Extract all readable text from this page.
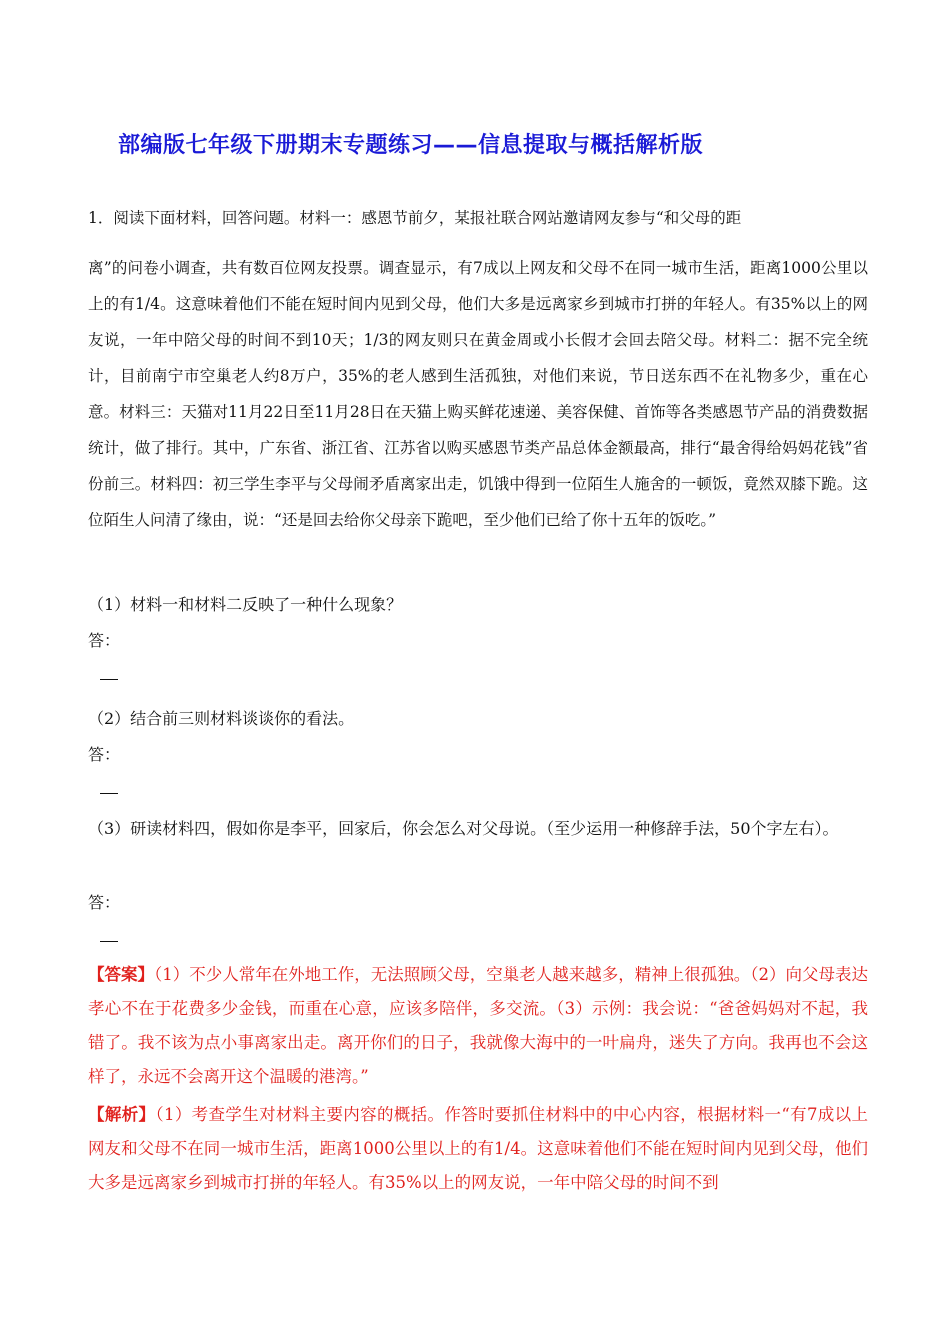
部编版七年级下册期末专题练习——信息提取与概括解析版
1．阅读下面材料，回答问题。材料一：感恩节前夕，某报社联合网站邀请网友参与“和父母的距
离”的问卷小调查，共有数百位网友投票。调查显示，有7成以上网友和父母不在同一城市生活，距离1000公里以上的有1/4。这意味着他们不能在短时间内见到父母，他们大多是远离家乡到城市打拼的年轻人。有35%以上的网友说，一年中陪父母的时间不到10天；1/3的网友则只在黄金周或小长假才会回去陪父母。材料二：据不完全统计，目前南宁市空巢老人约8万户，35%的老人感到生活孤独，对他们来说，节日送东西不在礼物多少，重在心意。材料三：天猫对11月22日至11月28日在天猫上购买鲜花速递、美容保健、首饰等各类感恩节产品的消费数据统计，做了排行。其中，广东省、浙江省、江苏省以购买感恩节类产品总体金额最高，排行“最舍得给妈妈花钱”省份前三。材料四：初三学生李平与父母闹矛盾离家出走，饥饿中得到一位陌生人施舍的一顿饭，竟然双膝下跪。这位陌生人问清了缘由，说：“还是回去给你父母亲下跪吧，至少他们已给了你十五年的饭吃。”
（1）材料一和材料二反映了一种什么现象？
答：
（2）结合前三则材料谈谈你的看法。
答：
（3）研读材料四，假如你是李平，回家后，你会怎么对父母说。（至少运用一种修辞手法，50个字左右）。
答：
【答案】（1）不少人常年在外地工作，无法照顾父母，空巢老人越来越多，精神上很孤独。（2）向父母表达孝心不在于花费多少金钱，而重在心意，应该多陪伴，多交流。（3）示例：我会说：“爸爸妈妈对不起，我错了。我不该为点小事离家出走。离开你们的日子，我就像大海中的一叶扁舟，迷失了方向。我再也不会这样了，永远不会离开这个温暖的港湾。”
【解析】（1）考查学生对材料主要内容的概括。作答时要抓住材料中的中心内容，根据材料一“有7成以上网友和父母不在同一城市生活，距离1000公里以上的有1/4。这意味着他们不能在短时间内见到父母，他们大多是远离家乡到城市打拼的年轻人。有35%以上的网友说，一年中陪父母的时间不到
